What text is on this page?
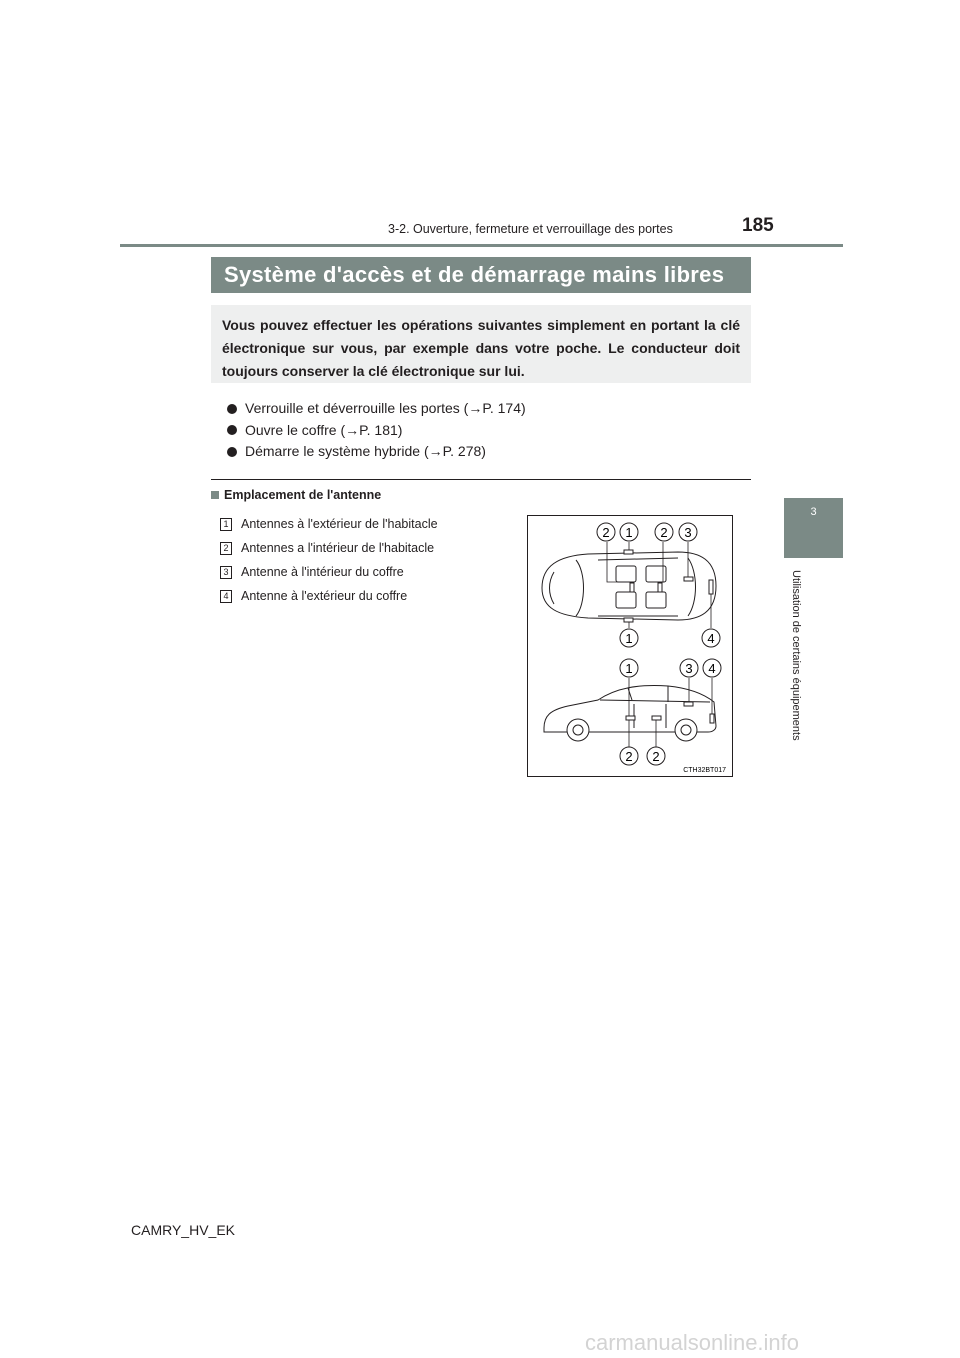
3-2. Ouverture, fermeture et verrouillage des portes	185
3
Utilisation de certains équipements
Système d'accès et de démarrage mains libres
Vous pouvez effectuer les opérations suivantes simplement en portant la clé électronique sur vous, par exemple dans votre poche. Le conducteur doit toujours conserver la clé électronique sur lui.
Verrouille et déverrouille les portes (→P. 174)
Ouvre le coffre (→P. 181)
Démarre le système hybride (→P. 278)
Emplacement de l'antenne
1 Antennes à l'extérieur de l'habitacle
2 Antennes a l'intérieur de l'habitacle
3 Antenne à l'intérieur du coffre
4 Antenne à l'extérieur du coffre
2 1 2 3
1	4
1	3 4
2 2
CTH32BT017
CAMRY_HV_EK
carmanualsonline.info
